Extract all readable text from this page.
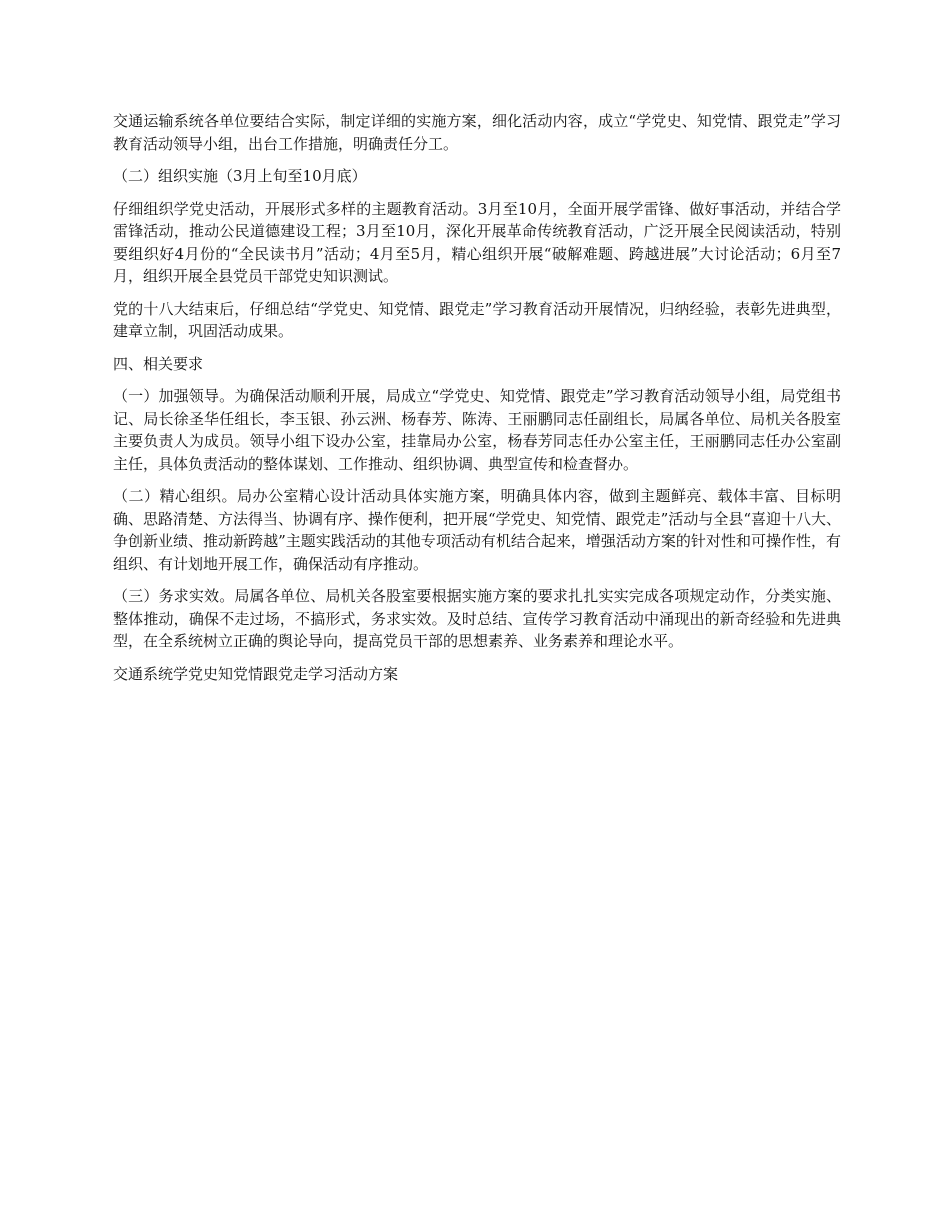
交通运输系统各单位要结合实际，制定详细的实施方案，细化活动内容，成立“学党史、知党情、跟党走”学习教育活动领导小组，出台工作措施，明确责任分工。

（二）组织实施（3月上旬至10月底）

仔细组织学党史活动，开展形式多样的主题教育活动。3月至10月，全面开展学雷锋、做好事活动，并结合学雷锋活动，推动公民道德建设工程；3月至10月，深化开展革命传统教育活动，广泛开展全民阅读活动，特别要组织好4月份的“全民读书月”活动；4月至5月，精心组织开展“破解难题、跨越进展”大讨论活动；6月至7月，组织开展全县党员干部党史知识测试。

党的十八大结束后，仔细总结“学党史、知党情、跟党走”学习教育活动开展情况，归纳经验，表彰先进典型，建章立制，巩固活动成果。

四、相关要求

（一）加强领导。为确保活动顺利开展，局成立“学党史、知党情、跟党走”学习教育活动领导小组，局党组书记、局长徐圣华任组长，李玉银、孙云洲、杨春芳、陈涛、王丽鹏同志任副组长，局属各单位、局机关各股室主要负责人为成员。领导小组下设办公室，挂靠局办公室，杨春芳同志任办公室主任，王丽鹏同志任办公室副主任，具体负责活动的整体谋划、工作推动、组织协调、典型宣传和检查督办。

（二）精心组织。局办公室精心设计活动具体实施方案，明确具体内容，做到主题鲜亮、载体丰富、目标明确、思路清楚、方法得当、协调有序、操作便利，把开展“学党史、知党情、跟党走”活动与全县“喜迎十八大、争创新业绩、推动新跨越”主题实践活动的其他专项活动有机结合起来，增强活动方案的针对性和可操作性，有组织、有计划地开展工作，确保活动有序推动。

（三）务求实效。局属各单位、局机关各股室要根据实施方案的要求扎扎实实完成各项规定动作，分类实施、整体推动，确保不走过场，不搞形式，务求实效。及时总结、宣传学习教育活动中涌现出的新奇经验和先进典型，在全系统树立正确的舆论导向，提高党员干部的思想素养、业务素养和理论水平。

交通系统学党史知党情跟党走学习活动方案
